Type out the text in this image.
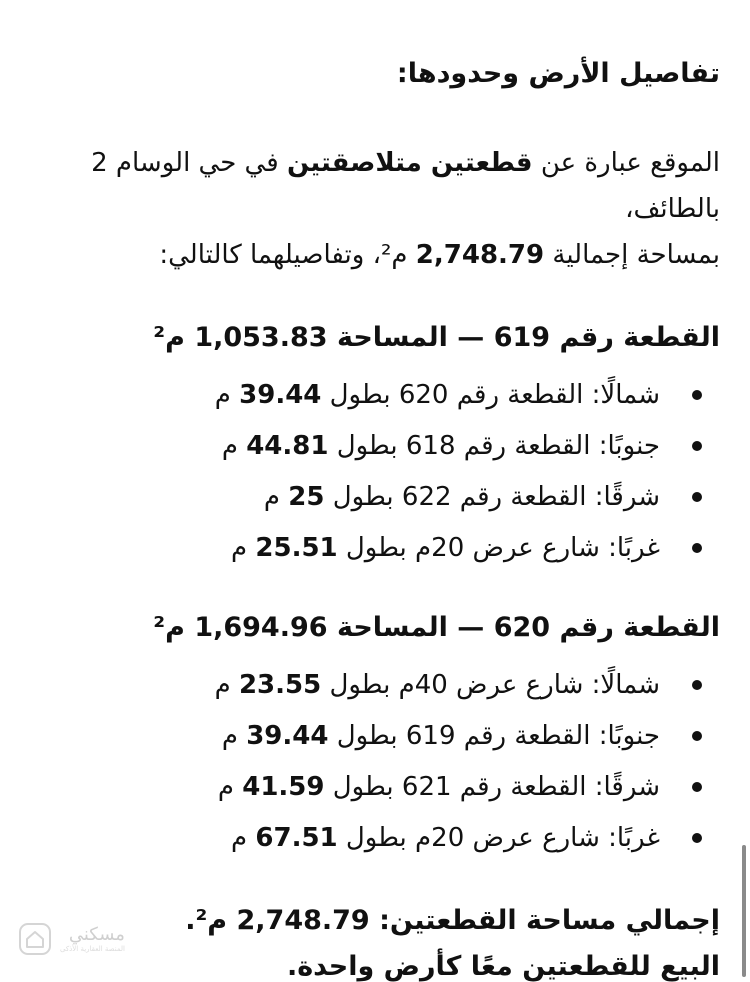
تفاصيل الأرض وحدودها:
الموقع عبارة عن قطعتين متلاصقتين في حي الوسام 2 بالطائف،
بمساحة إجمالية 2,748.79 م²، وتفاصيلهما كالتالي:
القطعة رقم 619 — المساحة 1,053.83 م²
شمالًا: القطعة رقم 620 بطول 39.44 م
جنوبًا: القطعة رقم 618 بطول 44.81 م
شرقًا: القطعة رقم 622 بطول 25 م
غربًا: شارع عرض 20م بطول 25.51 م
القطعة رقم 620 — المساحة 1,694.96 م²
شمالًا: شارع عرض 40م بطول 23.55 م
جنوبًا: القطعة رقم 619 بطول 39.44 م
شرقًا: القطعة رقم 621 بطول 41.59 م
غربًا: شارع عرض 20م بطول 67.51 م
إجمالي مساحة القطعتين: 2,748.79 م².
البيع للقطعتين معًا كأرض واحدة.
مسكني
المنصة العقارية الأذكى
